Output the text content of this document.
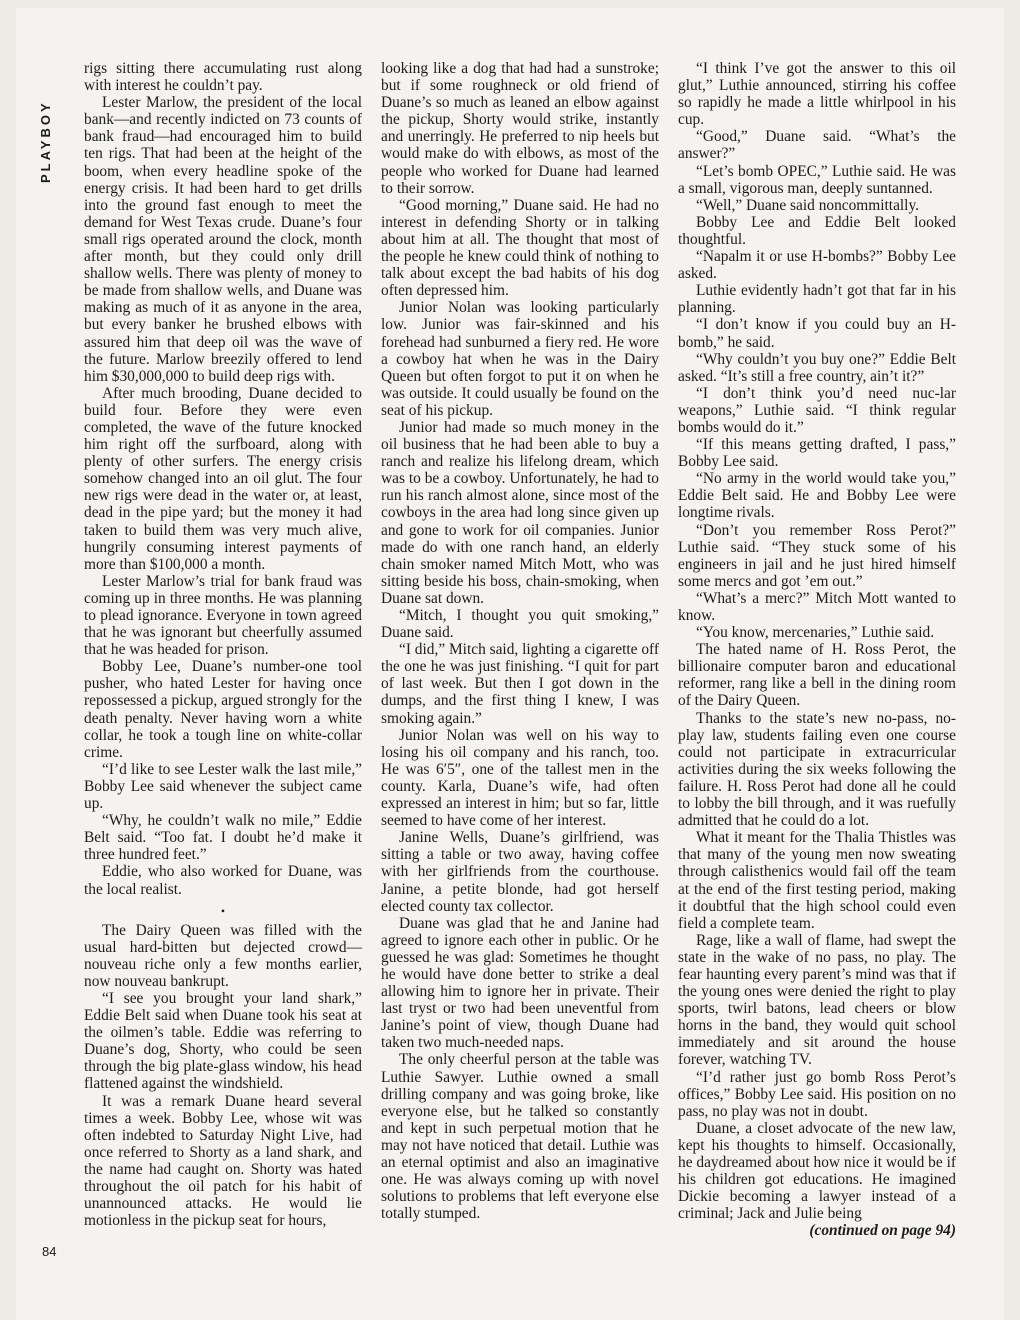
PLAYBOY

rigs sitting there accumulating rust along with interest he couldn’t pay.

Lester Marlow, the president of the local bank—and recently indicted on 73 counts of bank fraud—had encouraged him to build ten rigs. That had been at the height of the boom, when every headline spoke of the energy crisis. It had been hard to get drills into the ground fast enough to meet the demand for West Texas crude. Duane’s four small rigs operated around the clock, month after month, but they could only drill shallow wells. There was plenty of money to be made from shallow wells, and Duane was making as much of it as anyone in the area, but every banker he brushed elbows with assured him that deep oil was the wave of the future. Marlow breezily offered to lend him $30,000,000 to build deep rigs with.

After much brooding, Duane decided to build four. Before they were even completed, the wave of the future knocked him right off the surfboard, along with plenty of other surfers. The energy crisis somehow changed into an oil glut. The four new rigs were dead in the water or, at least, dead in the pipe yard; but the money it had taken to build them was very much alive, hungrily consuming interest payments of more than $100,000 a month.

Lester Marlow’s trial for bank fraud was coming up in three months. He was planning to plead ignorance. Everyone in town agreed that he was ignorant but cheerfully assumed that he was headed for prison.

Bobby Lee, Duane’s number-one tool pusher, who hated Lester for having once repossessed a pickup, argued strongly for the death penalty. Never having worn a white collar, he took a tough line on white-collar crime.

“I’d like to see Lester walk the last mile,” Bobby Lee said whenever the subject came up.

“Why, he couldn’t walk no mile,” Eddie Belt said. “Too fat. I doubt he’d make it three hundred feet.”

Eddie, who also worked for Duane, was the local realist.

•

The Dairy Queen was filled with the usual hard-bitten but dejected crowd—nouveau riche only a few months earlier, now nouveau bankrupt.

“I see you brought your land shark,” Eddie Belt said when Duane took his seat at the oilmen’s table. Eddie was referring to Duane’s dog, Shorty, who could be seen through the big plate-glass window, his head flattened against the windshield.

It was a remark Duane heard several times a week. Bobby Lee, whose wit was often indebted to Saturday Night Live, had once referred to Shorty as a land shark, and the name had caught on. Shorty was hated throughout the oil patch for his habit of unannounced attacks. He would lie motionless in the pickup seat for hours,

looking like a dog that had had a sunstroke; but if some roughneck or old friend of Duane’s so much as leaned an elbow against the pickup, Shorty would strike, instantly and unerringly. He preferred to nip heels but would make do with elbows, as most of the people who worked for Duane had learned to their sorrow.

“Good morning,” Duane said. He had no interest in defending Shorty or in talking about him at all. The thought that most of the people he knew could think of nothing to talk about except the bad habits of his dog often depressed him.

Junior Nolan was looking particularly low. Junior was fair-skinned and his forehead had sunburned a fiery red. He wore a cowboy hat when he was in the Dairy Queen but often forgot to put it on when he was outside. It could usually be found on the seat of his pickup.

Junior had made so much money in the oil business that he had been able to buy a ranch and realize his lifelong dream, which was to be a cowboy. Unfortunately, he had to run his ranch almost alone, since most of the cowboys in the area had long since given up and gone to work for oil companies. Junior made do with one ranch hand, an elderly chain smoker named Mitch Mott, who was sitting beside his boss, chain-smoking, when Duane sat down.

“Mitch, I thought you quit smoking,” Duane said.

“I did,” Mitch said, lighting a cigarette off the one he was just finishing. “I quit for part of last week. But then I got down in the dumps, and the first thing I knew, I was smoking again.”

Junior Nolan was well on his way to losing his oil company and his ranch, too. He was 6′5″, one of the tallest men in the county. Karla, Duane’s wife, had often expressed an interest in him; but so far, little seemed to have come of her interest.

Janine Wells, Duane’s girlfriend, was sitting a table or two away, having coffee with her girlfriends from the courthouse. Janine, a petite blonde, had got herself elected county tax collector.

Duane was glad that he and Janine had agreed to ignore each other in public. Or he guessed he was glad: Sometimes he thought he would have done better to strike a deal allowing him to ignore her in private. Their last tryst or two had been uneventful from Janine’s point of view, though Duane had taken two much-needed naps.

The only cheerful person at the table was Luthie Sawyer. Luthie owned a small drilling company and was going broke, like everyone else, but he talked so constantly and kept in such perpetual motion that he may not have noticed that detail. Luthie was an eternal optimist and also an imaginative one. He was always coming up with novel solutions to problems that left everyone else totally stumped.

“I think I’ve got the answer to this oil glut,” Luthie announced, stirring his coffee so rapidly he made a little whirlpool in his cup.

“Good,” Duane said. “What’s the answer?”

“Let’s bomb OPEC,” Luthie said. He was a small, vigorous man, deeply suntanned.

“Well,” Duane said noncommittally.

Bobby Lee and Eddie Belt looked thoughtful.

“Napalm it or use H-bombs?” Bobby Lee asked.

Luthie evidently hadn’t got that far in his planning.

“I don’t know if you could buy an H-bomb,” he said.

“Why couldn’t you buy one?” Eddie Belt asked. “It’s still a free country, ain’t it?”

“I don’t think you’d need nuc-lar weapons,” Luthie said. “I think regular bombs would do it.”

“If this means getting drafted, I pass,” Bobby Lee said.

“No army in the world would take you,” Eddie Belt said. He and Bobby Lee were longtime rivals.

“Don’t you remember Ross Perot?” Luthie said. “They stuck some of his engineers in jail and he just hired himself some mercs and got ’em out.”

“What’s a merc?” Mitch Mott wanted to know.

“You know, mercenaries,” Luthie said.

The hated name of H. Ross Perot, the billionaire computer baron and educational reformer, rang like a bell in the dining room of the Dairy Queen.

Thanks to the state’s new no-pass, no-play law, students failing even one course could not participate in extracurricular activities during the six weeks following the failure. H. Ross Perot had done all he could to lobby the bill through, and it was ruefully admitted that he could do a lot.

What it meant for the Thalia Thistles was that many of the young men now sweating through calisthenics would fail off the team at the end of the first testing period, making it doubtful that the high school could even field a complete team.

Rage, like a wall of flame, had swept the state in the wake of no pass, no play. The fear haunting every parent’s mind was that if the young ones were denied the right to play sports, twirl batons, lead cheers or blow horns in the band, they would quit school immediately and sit around the house forever, watching TV.

“I’d rather just go bomb Ross Perot’s offices,” Bobby Lee said. His position on no pass, no play was not in doubt.

Duane, a closet advocate of the new law, kept his thoughts to himself. Occasionally, he daydreamed about how nice it would be if his children got educations. He imagined Dickie becoming a lawyer instead of a criminal; Jack and Julie being

(continued on page 94)

84
